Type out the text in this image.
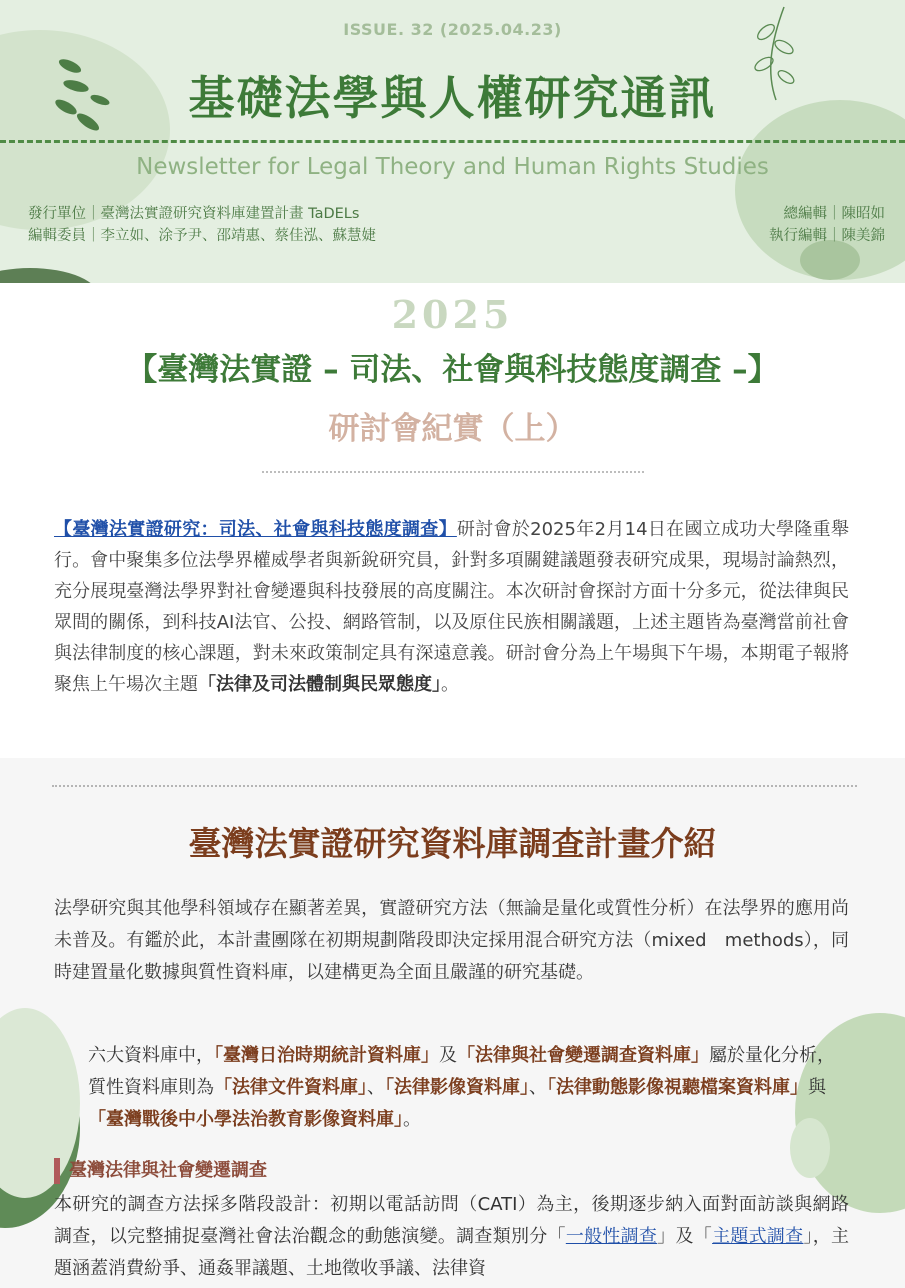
ISSUE. 32 (2025.04.23)
基礎法學與人權研究通訊
Newsletter for Legal Theory and Human Rights Studies
發行單位｜臺灣法實證研究資料庫建置計畫 TaDELs
編輯委員｜李立如、涂予尹、邵靖惠、蔡佳泓、蘇慧婕
總編輯｜陳昭如
執行編輯｜陳美錦
2025
【臺灣法實證 – 司法、社會與科技態度調查 –】
研討會紀實（上）
【臺灣法實證研究：司法、社會與科技態度調查】研討會於2025年2月14日在國立成功大學隆重舉行。會中聚集多位法學界權威學者與新銳研究員，針對多項關鍵議題發表研究成果，現場討論熱烈，充分展現臺灣法學界對社會變遷與科技發展的高度關注。本次研討會探討方面十分多元，從法律與民眾間的關係，到科技AI法官、公投、網路管制，以及原住民族相關議題，上述主題皆為臺灣當前社會與法律制度的核心課題，對未來政策制定具有深遠意義。研討會分為上午場與下午場，本期電子報將聚焦上午場次主題「法律及司法體制與民眾態度」。
臺灣法實證研究資料庫調查計畫介紹
法學研究與其他學科領域存在顯著差異，實證研究方法（無論是量化或質性分析）在法學界的應用尚未普及。有鑑於此，本計畫團隊在初期規劃階段即決定採用混合研究方法（mixed　methods），同時建置量化數據與質性資料庫，以建構更為全面且嚴謹的研究基礎。
六大資料庫中，「臺灣日治時期統計資料庫」及「法律與社會變遷調查資料庫」屬於量化分析，質性資料庫則為「法律文件資料庫」、「法律影像資料庫」、「法律動態影像視聽檔案資料庫」與「臺灣戰後中小學法治教育影像資料庫」。
臺灣法律與社會變遷調查
本研究的調查方法採多階段設計：初期以電話訪問（CATI）為主，後期逐步納入面對面訪談與網路調查，以完整捕捉臺灣社會法治觀念的動態演變。調查類別分「一般性調查」及「主題式調查」，主題涵蓋消費紛爭、通姦罪議題、土地徵收爭議、法律資
